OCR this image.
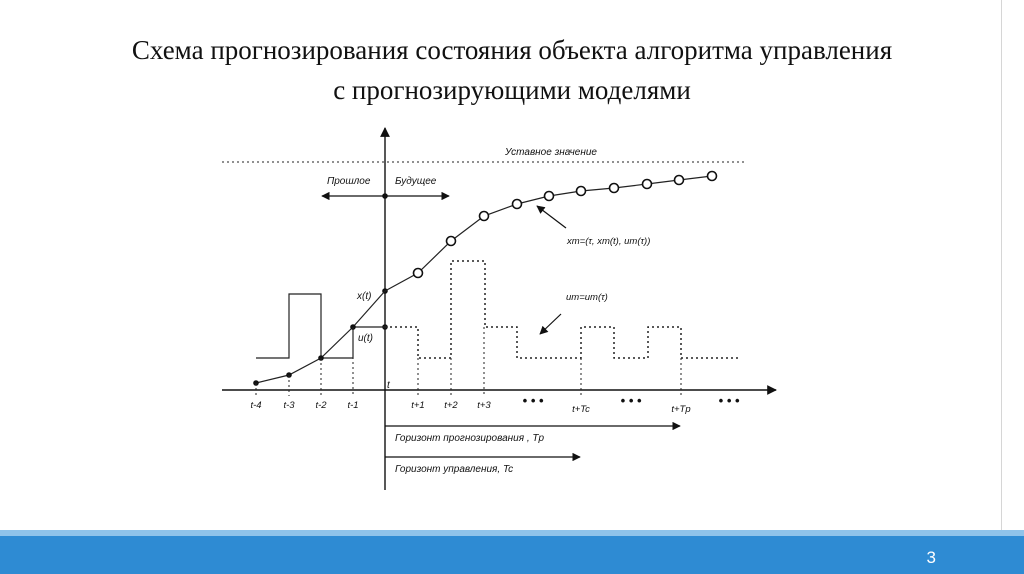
Схема прогнозирования состояния объекта алгоритма управления
с прогнозирующими моделями
Уставное значение
t
Прошлое Будущее
x(t)
u(t)
xm=(τ, xm(t), um(τ))
um=um(τ)
t-4 t-3 t-2 t-1	t+1 t+2 t+3	t+Tc	t+Tp
• • •	• • •	• • •
Горизонт прогнозирования , Tp
Горизонт управления, Tc
3
